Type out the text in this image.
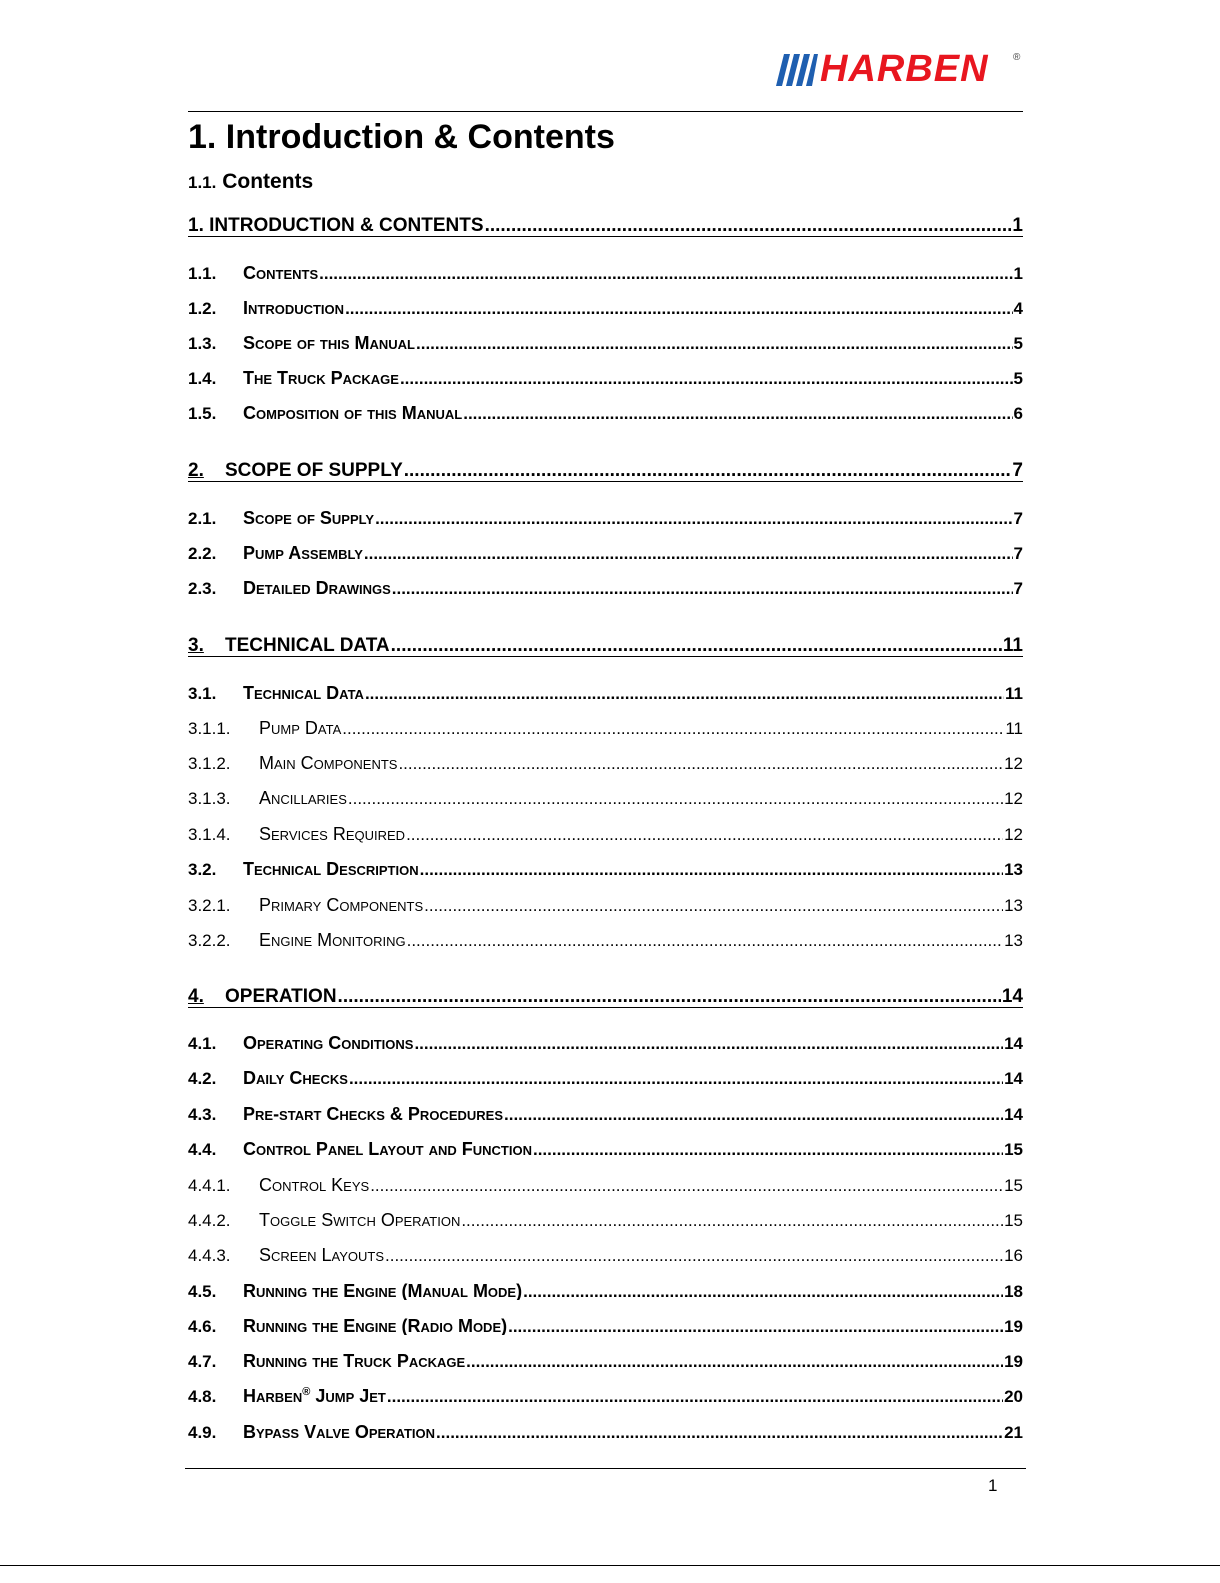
HARBEN ®
1. Introduction & Contents
1.1. Contents
1. INTRODUCTION & CONTENTS .....	1
1.1.	Contents .....	1
1.2.	Introduction .....	4
1.3.	Scope of this Manual .....	5
1.4.	The Truck Package .....	5
1.5.	Composition of this Manual .....	6
2.	SCOPE OF SUPPLY .....	7
2.1.	Scope of Supply .....	7
2.2.	Pump Assembly .....	7
2.3.	Detailed Drawings .....	7
3.	TECHNICAL DATA .....	11
3.1.	Technical Data .....	11
3.1.1.	Pump Data .....	11
3.1.2.	Main Components .....	12
3.1.3.	Ancillaries .....	12
3.1.4.	Services Required .....	12
3.2.	Technical Description .....	13
3.2.1.	Primary Components .....	13
3.2.2.	Engine Monitoring .....	13
4.	OPERATION .....	14
4.1.	Operating Conditions .....	14
4.2.	Daily Checks .....	14
4.3.	Pre-start Checks & Procedures .....	14
4.4.	Control Panel Layout and Function .....	15
4.4.1.	Control Keys .....	15
4.4.2.	Toggle Switch Operation .....	15
4.4.3.	Screen Layouts .....	16
4.5.	Running the Engine (Manual Mode) .....	18
4.6.	Running the Engine (Radio Mode) .....	19
4.7.	Running the Truck Package .....	19
4.8.	Harben® Jump Jet .....	20
4.9.	Bypass Valve Operation .....	21
1
